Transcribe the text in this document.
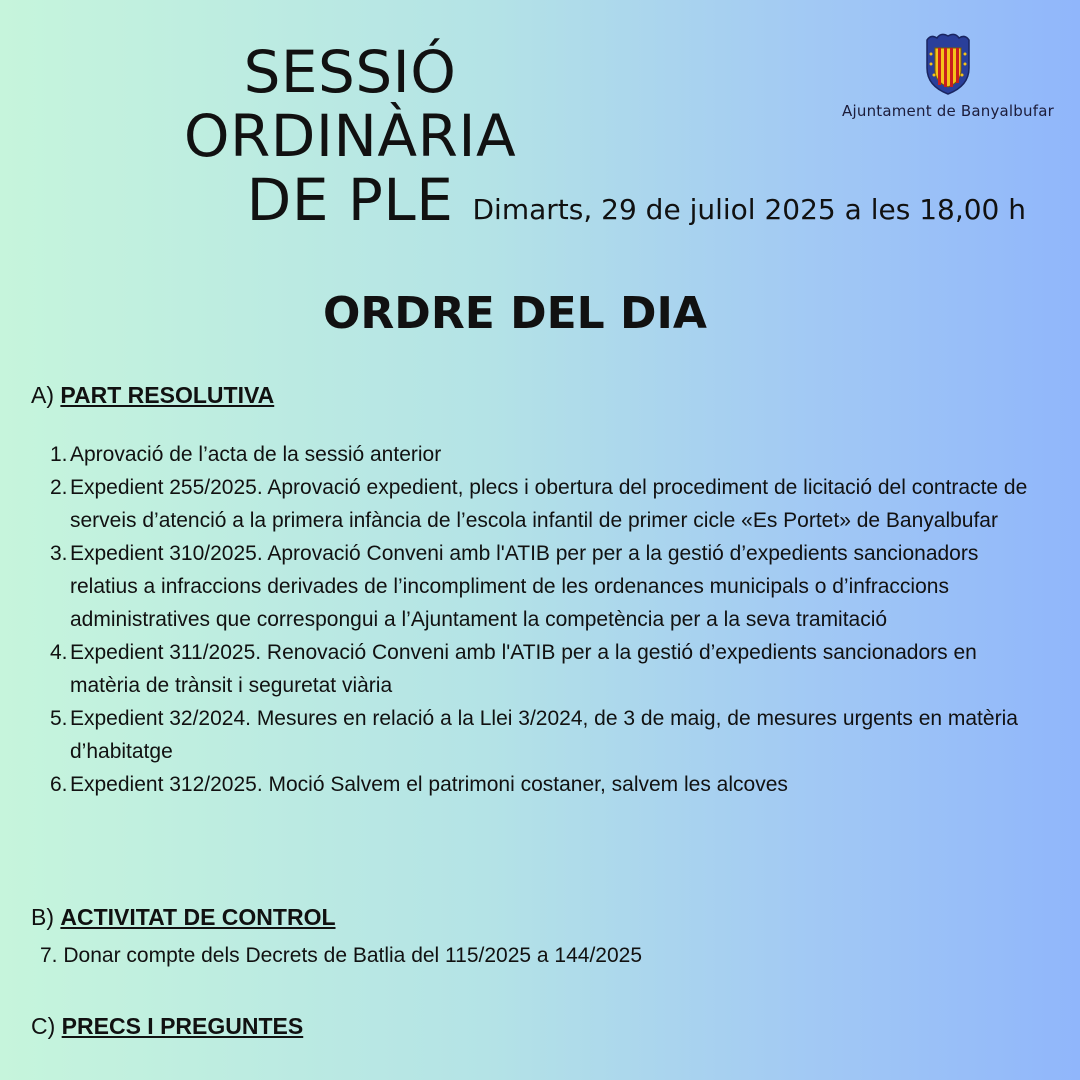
SESSIÓ ORDINÀRIA
DE PLE
Ajuntament de Banyalbufar
Dimarts, 29 de juliol 2025 a les 18,00 h
ORDRE DEL DIA
A) PART RESOLUTIVA
1. Aprovació de l’acta de la sessió anterior
2. Expedient 255/2025. Aprovació expedient, plecs i obertura del procediment de licitació del contracte de serveis d’atenció a la primera infància de l’escola infantil de primer cicle «Es Portet» de Banyalbufar
3. Expedient 310/2025. Aprovació Conveni amb l'ATIB per per a la gestió d’expedients sancionadors relatius a infraccions derivades de l’incompliment de les ordenances municipals o d’infraccions administratives que correspongui a l’Ajuntament la competència per a la seva tramitació
4. Expedient 311/2025. Renovació Conveni amb l'ATIB per a la gestió d’expedients sancionadors en matèria de trànsit i seguretat viària
5. Expedient 32/2024. Mesures en relació a la Llei 3/2024, de 3 de maig, de mesures urgents en matèria d’habitatge
6. Expedient 312/2025. Moció Salvem el patrimoni costaner, salvem les alcoves
B) ACTIVITAT DE CONTROL
7. Donar compte dels Decrets de Batlia del 115/2025 a 144/2025
C) PRECS I PREGUNTES
